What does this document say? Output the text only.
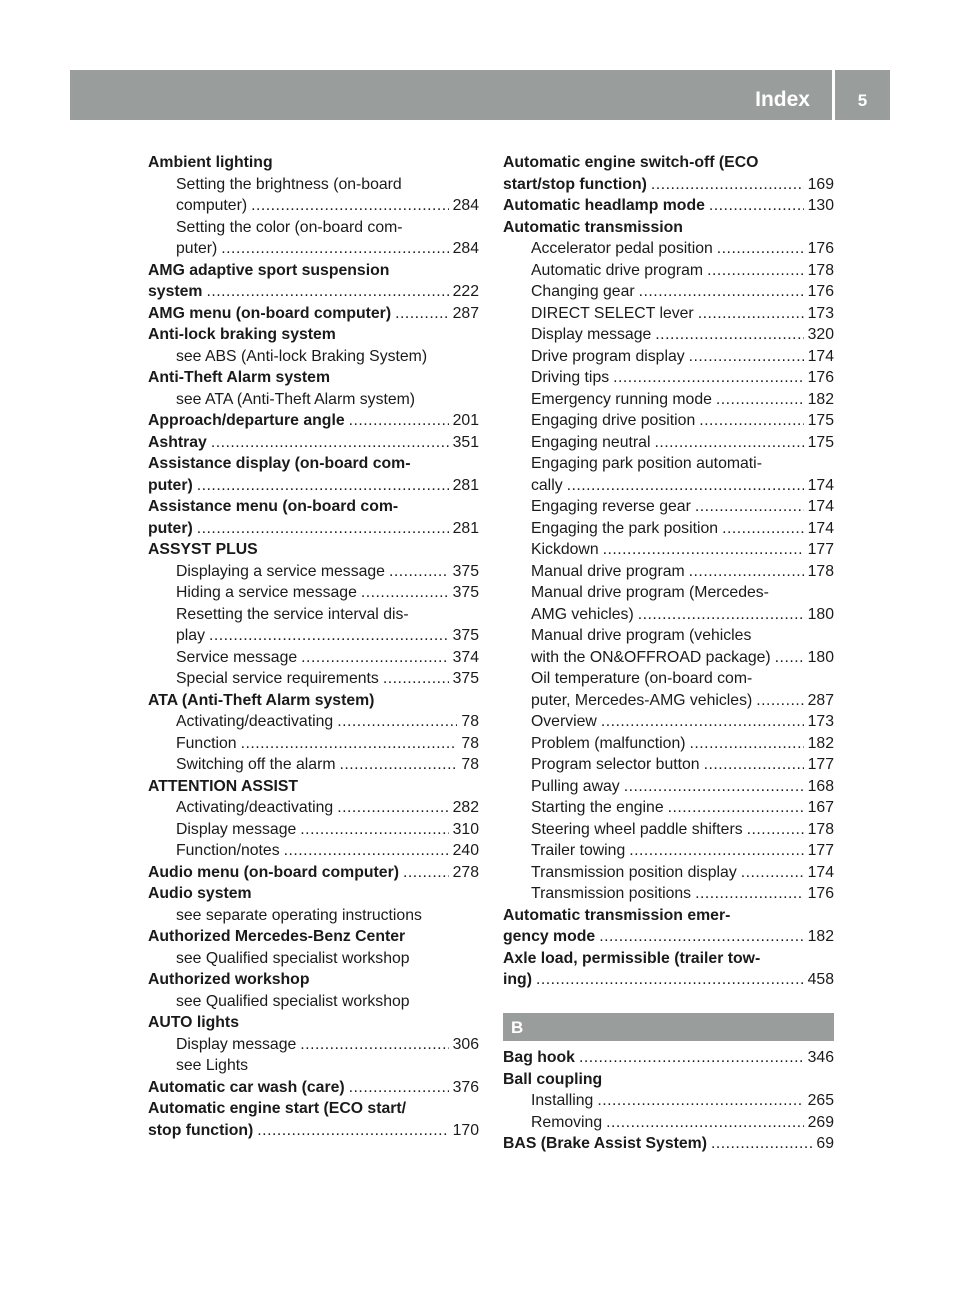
Index	5
Ambient lighting
Setting the brightness (on-board
computer) .....	284
Setting the color (on-board com-
puter) .....	284
AMG adaptive sport suspension
system .....	222
AMG menu (on-board computer) .....	287
Anti-lock braking system
see ABS (Anti-lock Braking System)
Anti-Theft Alarm system
see ATA (Anti-Theft Alarm system)
Approach/departure angle .....	201
Ashtray .....	351
Assistance display (on-board com-
puter) .....	281
Assistance menu (on-board com-
puter) .....	281
ASSYST PLUS
Displaying a service message .....	375
Hiding a service message .....	375
Resetting the service interval dis-
play .....	375
Service message .....	374
Special service requirements .....	375
ATA (Anti-Theft Alarm system)
Activating/deactivating .....	78
Function .....	78
Switching off the alarm .....	78
ATTENTION ASSIST
Activating/deactivating .....	282
Display message .....	310
Function/notes .....	240
Audio menu (on-board computer) .....	278
Audio system
see separate operating instructions
Authorized Mercedes-Benz Center
see Qualified specialist workshop
Authorized workshop
see Qualified specialist workshop
AUTO lights
Display message .....	306
see Lights
Automatic car wash (care) .....	376
Automatic engine start (ECO start/
stop function) .....	170
Automatic engine switch-off (ECO
start/stop function) .....	169
Automatic headlamp mode .....	130
Automatic transmission
Accelerator pedal position .....	176
Automatic drive program .....	178
Changing gear .....	176
DIRECT SELECT lever .....	173
Display message .....	320
Drive program display .....	174
Driving tips .....	176
Emergency running mode .....	182
Engaging drive position .....	175
Engaging neutral .....	175
Engaging park position automati-
cally .....	174
Engaging reverse gear .....	174
Engaging the park position .....	174
Kickdown .....	177
Manual drive program .....	178
Manual drive program (Mercedes-
AMG vehicles) .....	180
Manual drive program (vehicles
with the ON&OFFROAD package) ..... 180
Oil temperature (on-board com-
puter, Mercedes-AMG vehicles) .....	287
Overview .....	173
Problem (malfunction) .....	182
Program selector button .....	177
Pulling away .....	168
Starting the engine .....	167
Steering wheel paddle shifters .....	178
Trailer towing .....	177
Transmission position display .....	174
Transmission positions .....	176
Automatic transmission emer-
gency mode .....	182
Axle load, permissible (trailer tow-
ing) .....	458
B
Bag hook .....	346
Ball coupling
Installing .....	265
Removing .....	269
BAS (Brake Assist System) .....	69
